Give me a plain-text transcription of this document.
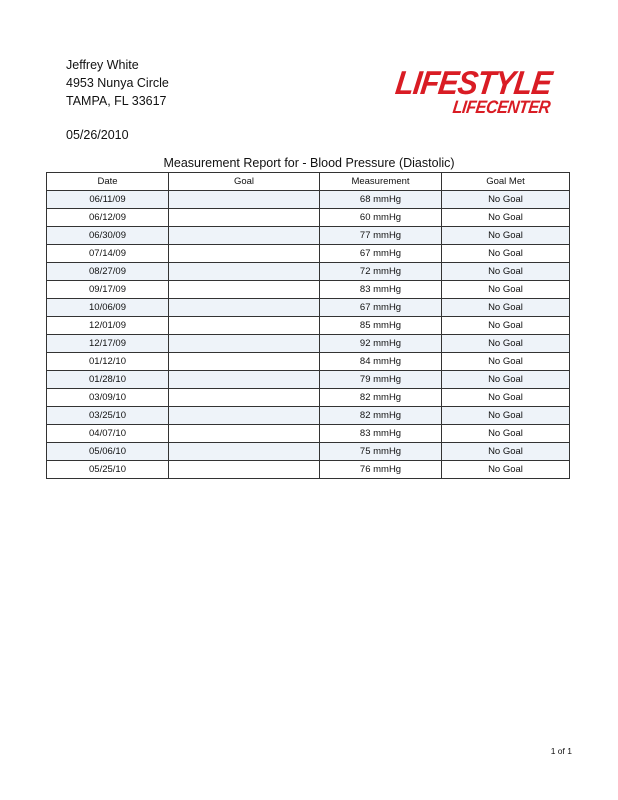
Jeffrey White
4953 Nunya Circle
TAMPA, FL 33617
05/26/2010
LIFESTYLE
LIFECENTER
Measurement Report for - Blood Pressure (Diastolic)
Date	Goal	Measurement	Goal Met
06/11/09		68 mmHg	No Goal
06/12/09		60 mmHg	No Goal
06/30/09		77 mmHg	No Goal
07/14/09		67 mmHg	No Goal
08/27/09		72 mmHg	No Goal
09/17/09		83 mmHg	No Goal
10/06/09		67 mmHg	No Goal
12/01/09		85 mmHg	No Goal
12/17/09		92 mmHg	No Goal
01/12/10		84 mmHg	No Goal
01/28/10		79 mmHg	No Goal
03/09/10		82 mmHg	No Goal
03/25/10		82 mmHg	No Goal
04/07/10		83 mmHg	No Goal
05/06/10		75 mmHg	No Goal
05/25/10		76 mmHg	No Goal
1 of 1
